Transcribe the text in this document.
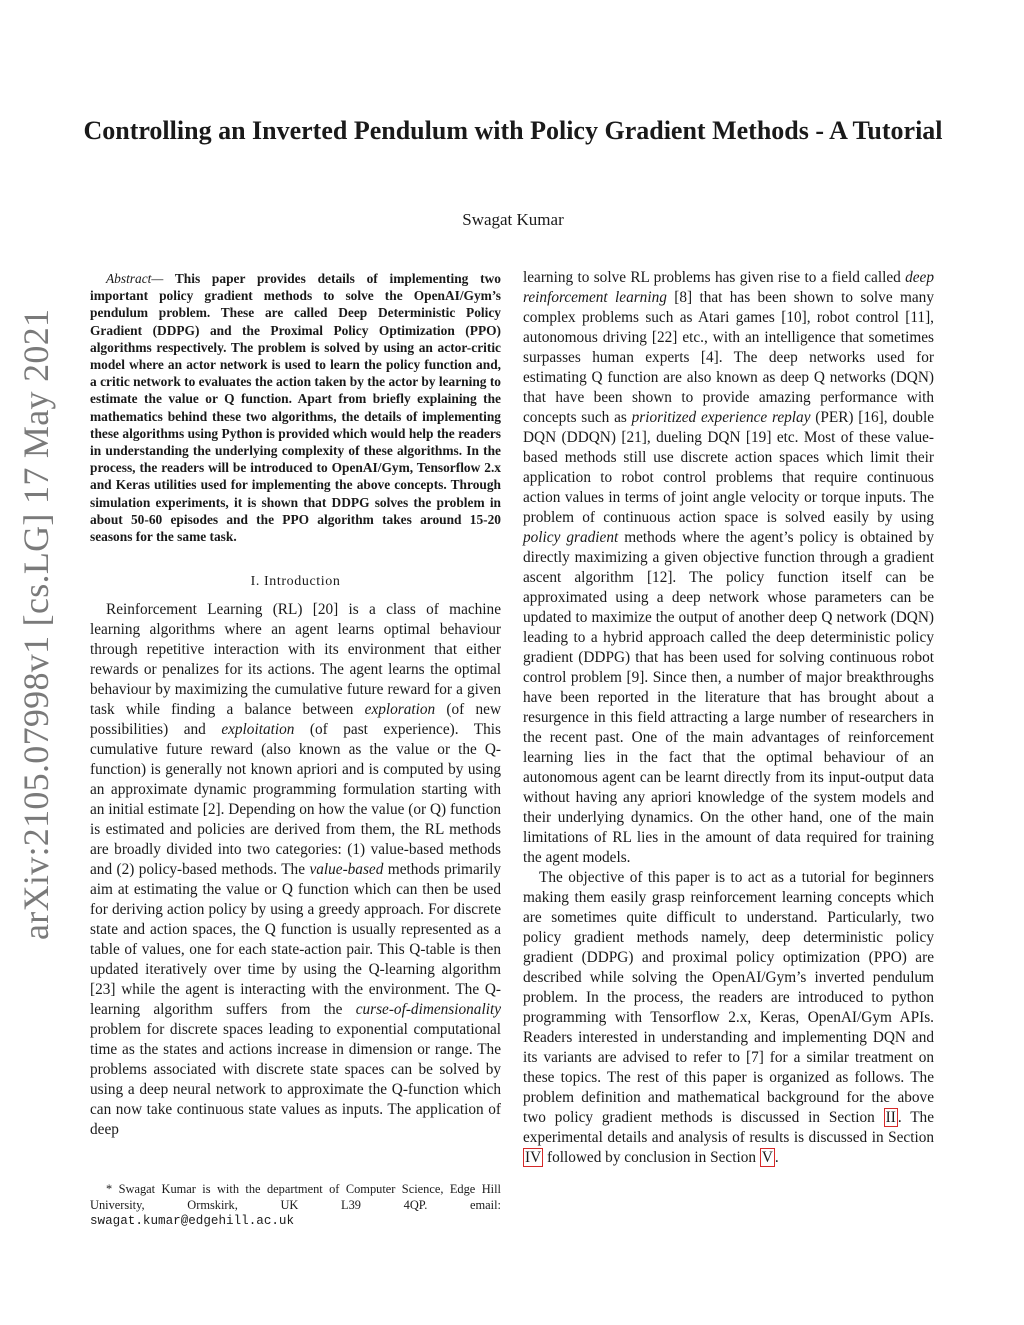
arXiv:2105.07998v1 [cs.LG] 17 May 2021
Controlling an Inverted Pendulum with Policy Gradient Methods - A Tutorial
Swagat Kumar

Abstract— This paper provides details of implementing two important policy gradient methods to solve the OpenAI/Gym’s pendulum problem. These are called Deep Deterministic Policy Gradient (DDPG) and the Proximal Policy Optimization (PPO) algorithms respectively. The problem is solved by using an actor-critic model where an actor network is used to learn the policy function and, a critic network to evaluates the action taken by the actor by learning to estimate the value or Q function. Apart from briefly explaining the mathematics behind these two algorithms, the details of implementing these algorithms using Python is provided which would help the readers in understanding the underlying complexity of these algorithms. In the process, the readers will be introduced to OpenAI/Gym, Tensorflow 2.x and Keras utilities used for implementing the above concepts. Through simulation experiments, it is shown that DDPG solves the problem in about 50-60 episodes and the PPO algorithm takes around 15-20 seasons for the same task.

I. Introduction

Reinforcement Learning (RL) [20] is a class of machine learning algorithms where an agent learns optimal behaviour through repetitive interaction with its environment that either rewards or penalizes for its actions. The agent learns the optimal behaviour by maximizing the cumulative future reward for a given task while finding a balance between exploration (of new possibilities) and exploitation (of past experience). This cumulative future reward (also known as the value or the Q-function) is generally not known apriori and is computed by using an approximate dynamic programming formulation starting with an initial estimate [2]. Depending on how the value (or Q) function is estimated and policies are derived from them, the RL methods are broadly divided into two categories: (1) value-based methods and (2) policy-based methods. The value-based methods primarily aim at estimating the value or Q function which can then be used for deriving action policy by using a greedy approach. For discrete state and action spaces, the Q function is usually represented as a table of values, one for each state-action pair. This Q-table is then updated iteratively over time by using the Q-learning algorithm [23] while the agent is interacting with the environment. The Q-learning algorithm suffers from the curse-of-dimensionality problem for discrete spaces leading to exponential computational time as the states and actions increase in dimension or range. The problems associated with discrete state spaces can be solved by using a deep neural network to approximate the Q-function which can now take continuous state values as inputs. The application of deep

* Swagat Kumar is with the department of Computer Science, Edge Hill University, Ormskirk, UK L39 4QP. email: swagat.kumar@edgehill.ac.uk

learning to solve RL problems has given rise to a field called deep reinforcement learning [8] that has been shown to solve many complex problems such as Atari games [10], robot control [11], autonomous driving [22] etc., with an intelligence that sometimes surpasses human experts [4]. The deep networks used for estimating Q function are also known as deep Q networks (DQN) that have been shown to provide amazing performance with concepts such as prioritized experience replay (PER) [16], double DQN (DDQN) [21], dueling DQN [19] etc. Most of these value-based methods still use discrete action spaces which limit their application to robot control problems that require continuous action values in terms of joint angle velocity or torque inputs. The problem of continuous action space is solved easily by using policy gradient methods where the agent’s policy is obtained by directly maximizing a given objective function through a gradient ascent algorithm [12]. The policy function itself can be approximated using a deep network whose parameters can be updated to maximize the output of another deep Q network (DQN) leading to a hybrid approach called the deep deterministic policy gradient (DDPG) that has been used for solving continuous robot control problem [9]. Since then, a number of major breakthroughs have been reported in the literature that has brought about a resurgence in this field attracting a large number of researchers in the recent past. One of the main advantages of reinforcement learning lies in the fact that the optimal behaviour of an autonomous agent can be learnt directly from its input-output data without having any apriori knowledge of the system models and their underlying dynamics. On the other hand, one of the main limitations of RL lies in the amount of data required for training the agent models.

The objective of this paper is to act as a tutorial for beginners making them easily grasp reinforcement learning concepts which are sometimes quite difficult to understand. Particularly, two policy gradient methods namely, deep deterministic policy gradient (DDPG) and proximal policy optimization (PPO) are described while solving the OpenAI/Gym’s inverted pendulum problem. In the process, the readers are introduced to python programming with Tensorflow 2.x, Keras, OpenAI/Gym APIs. Readers interested in understanding and implementing DQN and its variants are advised to refer to [7] for a similar treatment on these topics. The rest of this paper is organized as follows. The problem definition and mathematical background for the above two policy gradient methods is discussed in Section II . The experimental details and analysis of results is discussed in Section IV followed by conclusion in Section V .
